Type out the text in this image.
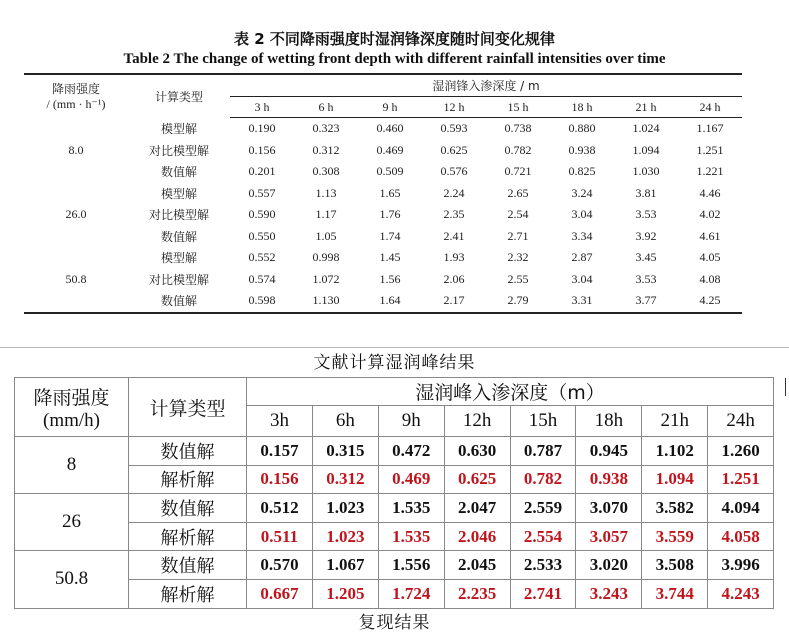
表 2 不同降雨强度时湿润锋深度随时间变化规律
Table 2 The change of wetting front depth with different rainfall intensities over time
降雨强度
/ (mm · h⁻¹)	计算类型	湿润锋入渗深度 / m							
		3 h	6 h	9 h	12 h	15 h	18 h	21 h	24 h
8.0	模型解	0.190	0.323	0.460	0.593	0.738	0.880	1.024	1.167
	对比模型解	0.156	0.312	0.469	0.625	0.782	0.938	1.094	1.251
	数值解	0.201	0.308	0.509	0.576	0.721	0.825	1.030	1.221
26.0	模型解	0.557	1.13	1.65	2.24	2.65	3.24	3.81	4.46
	对比模型解	0.590	1.17	1.76	2.35	2.54	3.04	3.53	4.02
	数值解	0.550	1.05	1.74	2.41	2.71	3.34	3.92	4.61
50.8	模型解	0.552	0.998	1.45	1.93	2.32	2.87	3.45	4.05
	对比模型解	0.574	1.072	1.56	2.06	2.55	3.04	3.53	4.08
	数值解	0.598	1.130	1.64	2.17	2.79	3.31	3.77	4.25
文献计算湿润峰结果
降雨强度
(mm/h)	计算类型	湿润峰入渗深度（m）							
		3h	6h	9h	12h	15h	18h	21h	24h
8	数值解	0.157	0.315	0.472	0.630	0.787	0.945	1.102	1.260
	解析解	0.156	0.312	0.469	0.625	0.782	0.938	1.094	1.251
26	数值解	0.512	1.023	1.535	2.047	2.559	3.070	3.582	4.094
	解析解	0.511	1.023	1.535	2.046	2.554	3.057	3.559	4.058
50.8	数值解	0.570	1.067	1.556	2.045	2.533	3.020	3.508	3.996
	解析解	0.667	1.205	1.724	2.235	2.741	3.243	3.744	4.243
复现结果
